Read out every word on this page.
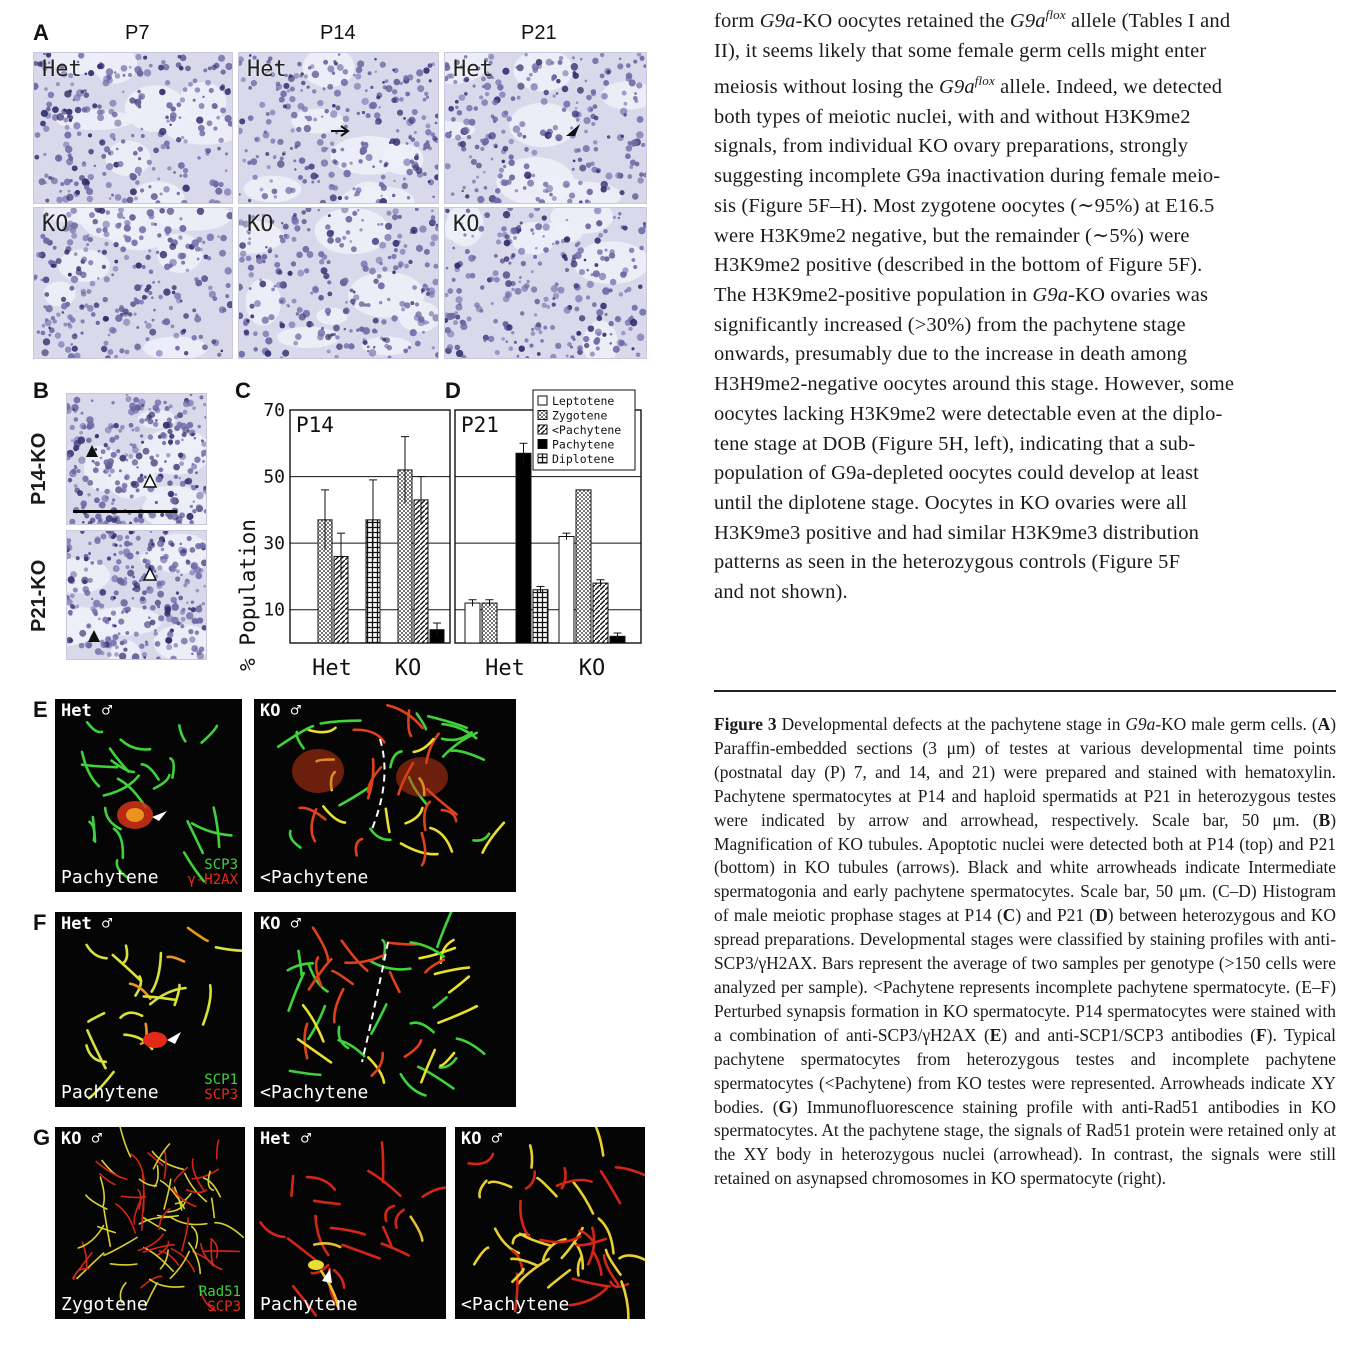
A	P7	P14	P21
Het	Het	Het
KO	KO	KO
B
P14-KO
P21-KO
C	D
P14	P21
Het KO	Het KO
70
50
30
10
% Population
Leptotene
Zygotene
<Pachytene
Pachytene
Diplotene
E Het ♂
Pachytene
SCP3
γ-H2AX
KO ♂
<Pachytene
F Het ♂
Pachytene
SCP1
SCP3
KO ♂
<Pachytene
G KO ♂
Zygotene
Rad51
SCP3
Het ♂
Pachytene
KO ♂
<Pachytene
form G9a-KO oocytes retained the $G9a^{flox}$ allele (Tables I and
II), it seems likely that some female germ cells might enter
meiosis without losing the $G9a^{flox}$ allele. Indeed, we detected
both types of meiotic nuclei, with and without H3K9me2
signals, from individual KO ovary preparations, strongly
suggesting incomplete G9a inactivation during female meio-
sis (Figure 5F–H). Most zygotene oocytes (∼95%) at E16.5
were H3K9me2 negative, but the remainder (∼5%) were
H3K9me2 positive (described in the bottom of Figure 5F).
The H3K9me2-positive population in G9a-KO ovaries was
significantly increased (>30%) from the pachytene stage
onwards, presumably due to the increase in death among
H3H9me2-negative oocytes around this stage. However, some
oocytes lacking H3K9me2 were detectable even at the diplo-
tene stage at DOB (Figure 5H, left), indicating that a sub-
population of G9a-depleted oocytes could develop at least
until the diplotene stage. Oocytes in KO ovaries were all
H3K9me3 positive and had similar H3K9me3 distribution
patterns as seen in the heterozygous controls (Figure 5F
and not shown).
Figure 3 Developmental defects at the pachytene stage in G9a-KO male germ cells. (A) Paraffin-embedded sections (3 μm) of testes at various developmental time points (postnatal day (P) 7, and 14, and 21) were prepared and stained with hematoxylin. Pachytene spermatocytes at P14 and haploid spermatids at P21 in heterozygous testes were indicated by arrow and arrowhead, respectively. Scale bar, 50 μm. (B) Magnification of KO tubules. Apoptotic nuclei were detected both at P14 (top) and P21 (bottom) in KO tubules (arrows). Black and white arrowheads indicate Intermediate spermatogonia and early pachytene spermatocytes. Scale bar, 50 μm. (C–D) Histogram of male meiotic prophase stages at P14 (C) and P21 (D) between heterozygous and KO spread preparations. Developmental stages were classified by staining profiles with anti-SCP3/γH2AX. Bars represent the average of two samples per genotype (>150 cells were analyzed per sample). <Pachytene represents incomplete pachytene spermatocyte. (E–F) Perturbed synapsis formation in KO spermatocyte. P14 spermatocytes were stained with a combination of anti-SCP3/γH2AX (E) and anti-SCP1/SCP3 antibodies (F). Typical pachytene spermatocytes from heterozygous testes and incomplete pachytene spermatocytes (<Pachytene) from KO testes were represented. Arrowheads indicate XY bodies. (G) Immunofluorescence staining profile with anti-Rad51 antibodies in KO spermatocytes. At the pachytene stage, the signals of Rad51 protein were retained only at the XY body in heterozygous nuclei (arrowhead). In contrast, the signals were still retained on asynapsed chromosomes in KO spermatocyte (right).
